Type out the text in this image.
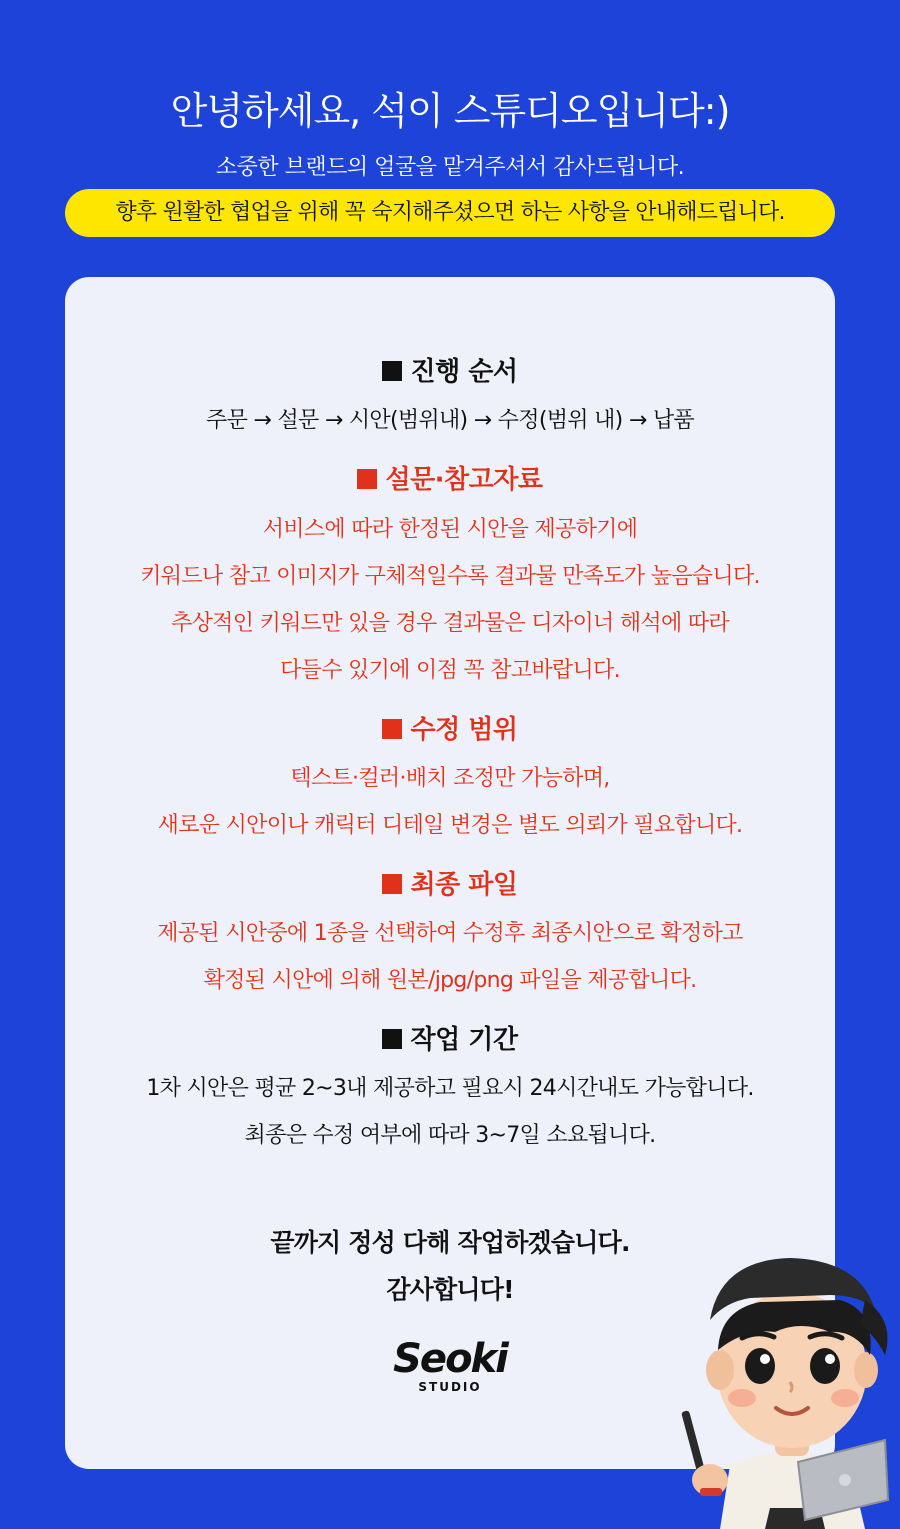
안녕하세요, 석이 스튜디오입니다:)
소중한 브랜드의 얼굴을 맡겨주셔서 감사드립니다.
향후 원활한 협업을 위해 꼭 숙지해주셨으면 하는 사항을 안내해드립니다.
진행 순서
주문 → 설문 → 시안(범위내) → 수정(범위 내) → 납품
설문·참고자료
서비스에 따라 한정된 시안을 제공하기에
키워드나 참고 이미지가 구체적일수록 결과물 만족도가 높음습니다.
추상적인 키워드만 있을 경우 결과물은 디자이너 해석에 따라
다들수 있기에 이점 꼭 참고바랍니다.
수정 범위
텍스트·컬러·배치 조정만 가능하며,
새로운 시안이나 캐릭터 디테일 변경은 별도 의뢰가 필요합니다.
최종 파일
제공된 시안중에 1종을 선택하여 수정후 최종시안으로 확정하고
확정된 시안에 의해 원본/jpg/png 파일을 제공합니다.
작업 기간
1차 시안은 평균 2~3내 제공하고 필요시 24시간내도 가능합니다.
최종은 수정 여부에 따라 3~7일 소요됩니다.
끝까지 정성 다해 작업하겠습니다.
감사합니다!
Seoki
STUDIO
